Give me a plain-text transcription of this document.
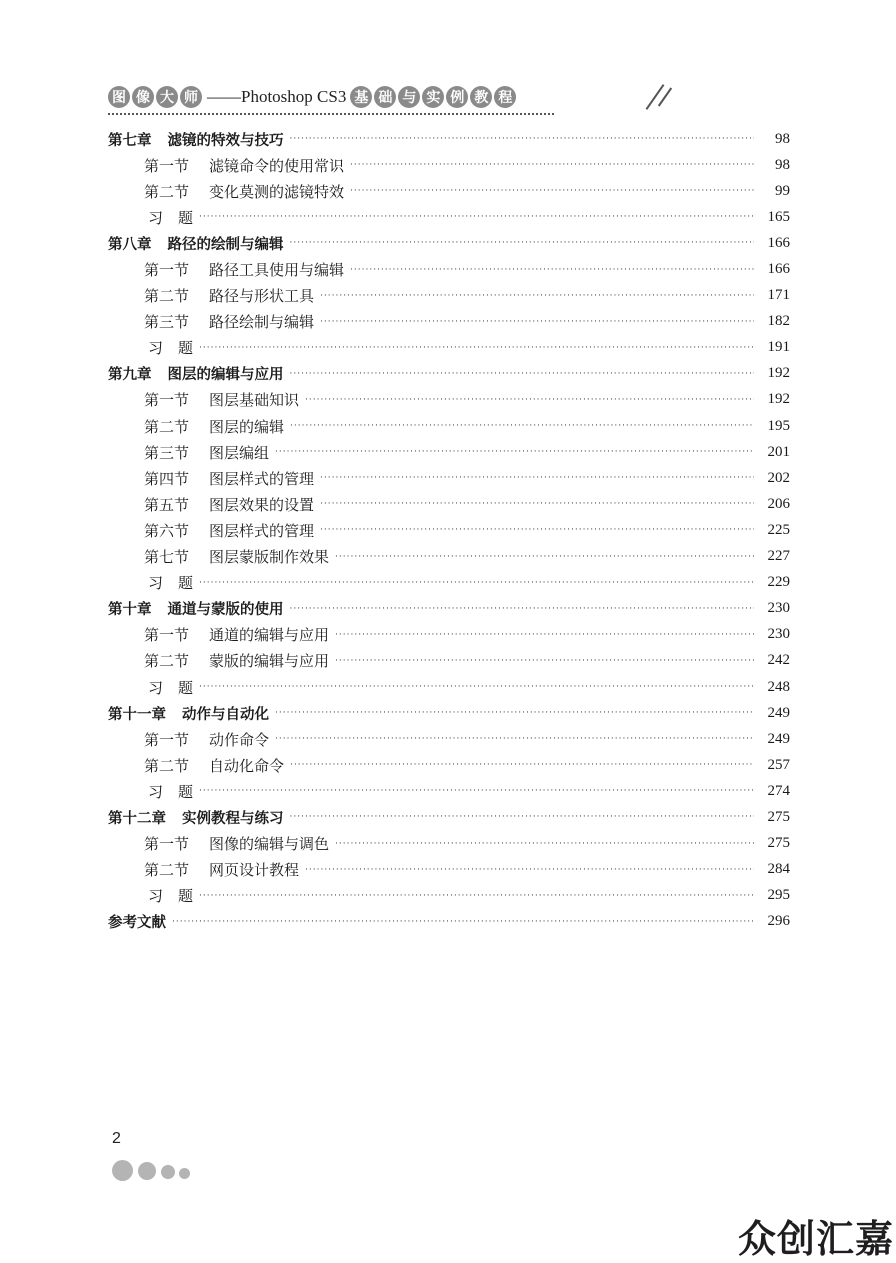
图 像 大 师 ——Photoshop CS3 基 础 与 实 例 教 程
第七章 滤镜的特效与技巧 ·····	98
第一节 滤镜命令的使用常识 ·····	98
第二节 变化莫测的滤镜特效 ·····	99
习　题 ·····	165
第八章 路径的绘制与编辑 ·····	166
第一节 路径工具使用与编辑 ·····	166
第二节 路径与形状工具 ·····	171
第三节 路径绘制与编辑 ·····	182
习　题 ·····	191
第九章 图层的编辑与应用 ·····	192
第一节 图层基础知识 ·····	192
第二节 图层的编辑 ·····	195
第三节 图层编组 ·····	201
第四节 图层样式的管理 ·····	202
第五节 图层效果的设置 ·····	206
第六节 图层样式的管理 ·····	225
第七节 图层蒙版制作效果 ·····	227
习　题 ·····	229
第十章 通道与蒙版的使用 ·····	230
第一节 通道的编辑与应用 ·····	230
第二节 蒙版的编辑与应用 ·····	242
习　题 ·····	248
第十一章 动作与自动化 ·····	249
第一节 动作命令 ·····	249
第二节 自动化命令 ·····	257
习　题 ·····	274
第十二章 实例教程与练习 ·····	275
第一节 图像的编辑与调色 ·····	275
第二节 网页设计教程 ·····	284
习　题 ·····	295
参考文献 ·····	296
2
众创汇嘉
